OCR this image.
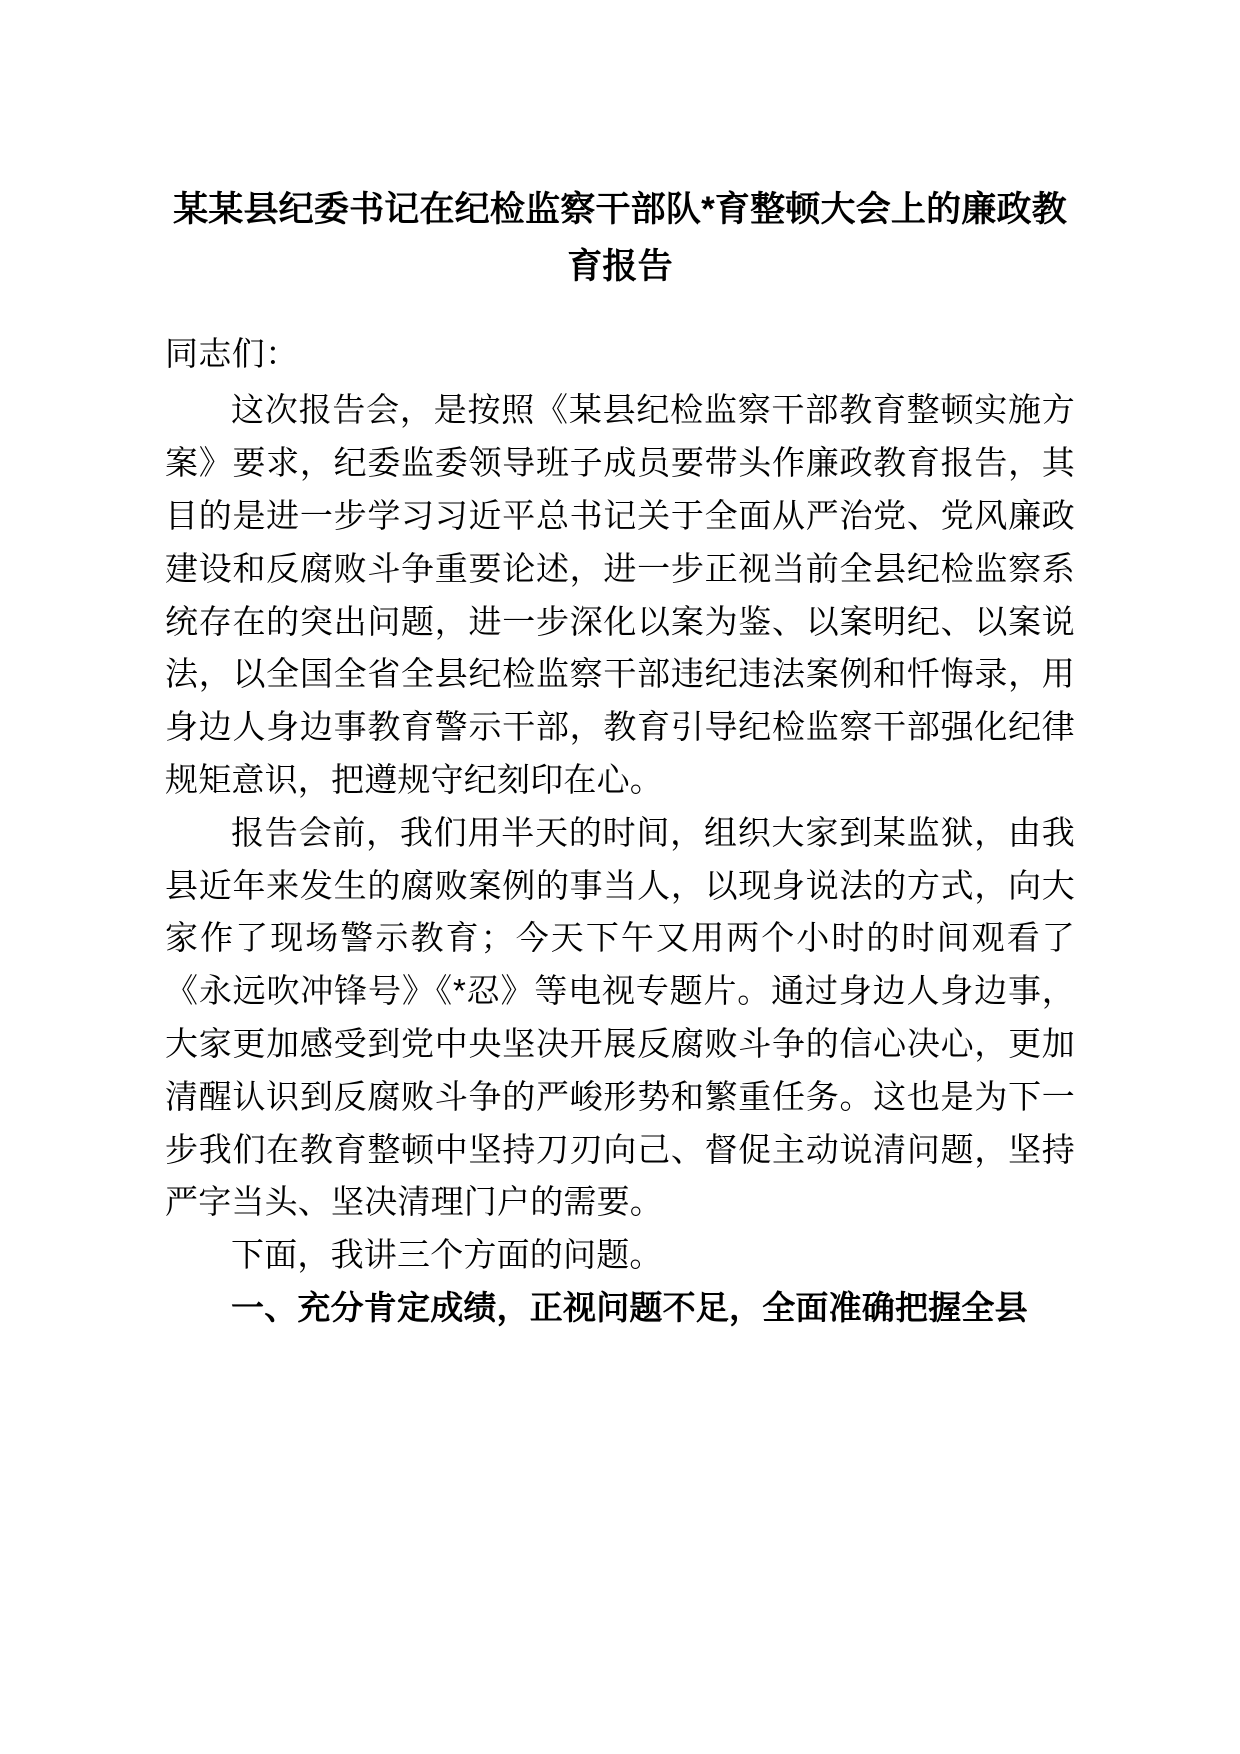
某某县纪委书记在纪检监察干部队*育整顿大会上的廉政教育报告

同志们：

这次报告会，是按照《某县纪检监察干部教育整顿实施方案》要求，纪委监委领导班子成员要带头作廉政教育报告，其目的是进一步学习习近平总书记关于全面从严治党、党风廉政建设和反腐败斗争重要论述，进一步正视当前全县纪检监察系统存在的突出问题，进一步深化以案为鉴、以案明纪、以案说法，以全国全省全县纪检监察干部违纪违法案例和忏悔录，用身边人身边事教育警示干部，教育引导纪检监察干部强化纪律规矩意识，把遵规守纪刻印在心。

报告会前，我们用半天的时间，组织大家到某监狱，由我县近年来发生的腐败案例的事当人，以现身说法的方式，向大家作了现场警示教育；今天下午又用两个小时的时间观看了《永远吹冲锋号》《*忍》等电视专题片。通过身边人身边事，大家更加感受到党中央坚决开展反腐败斗争的信心决心，更加清醒认识到反腐败斗争的严峻形势和繁重任务。这也是为下一步我们在教育整顿中坚持刀刃向己、督促主动说清问题，坚持严字当头、坚决清理门户的需要。

下面，我讲三个方面的问题。

一、充分肯定成绩，正视问题不足，全面准确把握全县
